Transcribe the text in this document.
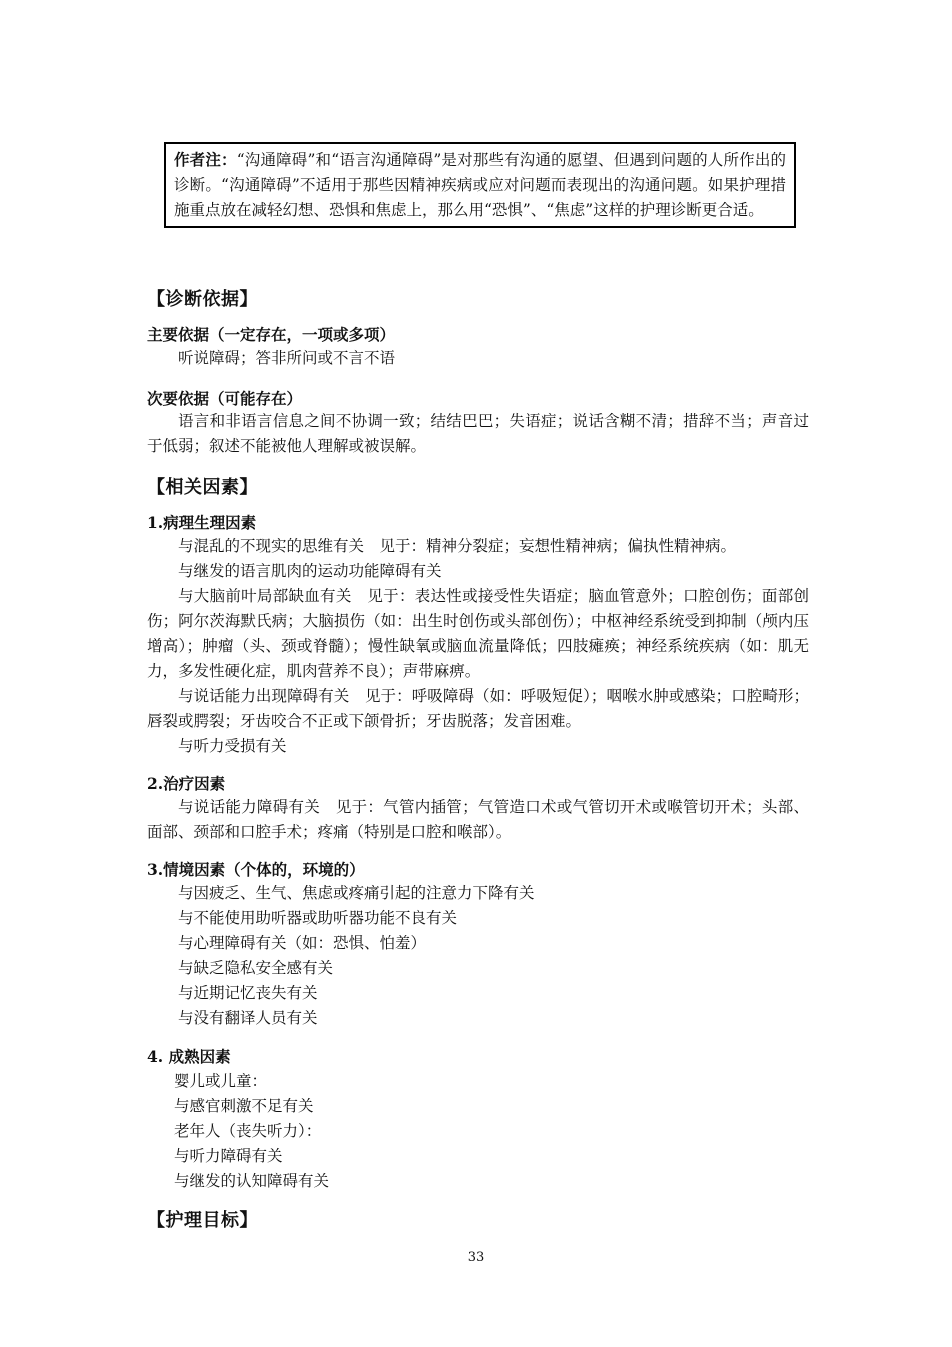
作者注：“沟通障碍”和“语言沟通障碍”是对那些有沟通的愿望、但遇到问题的人所作出的诊断。“沟通障碍”不适用于那些因精神疾病或应对问题而表现出的沟通问题。如果护理措施重点放在减轻幻想、恐惧和焦虑上，那么用“恐惧”、“焦虑”这样的护理诊断更合适。
【诊断依据】
主要依据（一定存在，一项或多项）
听说障碍；答非所问或不言不语
次要依据（可能存在）
语言和非语言信息之间不协调一致；结结巴巴；失语症；说话含糊不清；措辞不当；声音过于低弱；叙述不能被他人理解或被误解。
【相关因素】
1.病理生理因素
与混乱的不现实的思维有关　见于：精神分裂症；妄想性精神病；偏执性精神病。
与继发的语言肌肉的运动功能障碍有关
与大脑前叶局部缺血有关　见于：表达性或接受性失语症；脑血管意外；口腔创伤；面部创伤；阿尔茨海默氏病；大脑损伤（如：出生时创伤或头部创伤）；中枢神经系统受到抑制（颅内压增高）；肿瘤（头、颈或脊髓）；慢性缺氧或脑血流量降低；四肢瘫痪；神经系统疾病（如：肌无力，多发性硬化症，肌肉营养不良）；声带麻痹。
与说话能力出现障碍有关　见于：呼吸障碍（如：呼吸短促）；咽喉水肿或感染；口腔畸形；唇裂或腭裂；牙齿咬合不正或下颌骨折；牙齿脱落；发音困难。
与听力受损有关
2.治疗因素
与说话能力障碍有关　见于：气管内插管；气管造口术或气管切开术或喉管切开术；头部、面部、颈部和口腔手术；疼痛（特别是口腔和喉部）。
3.情境因素（个体的，环境的）
与因疲乏、生气、焦虑或疼痛引起的注意力下降有关
与不能使用助听器或助听器功能不良有关
与心理障碍有关（如：恐惧、怕羞）
与缺乏隐私安全感有关
与近期记忆丧失有关
与没有翻译人员有关
4. 成熟因素
婴儿或儿童：
与感官刺激不足有关
老年人（丧失听力）：
与听力障碍有关
与继发的认知障碍有关
【护理目标】
33
